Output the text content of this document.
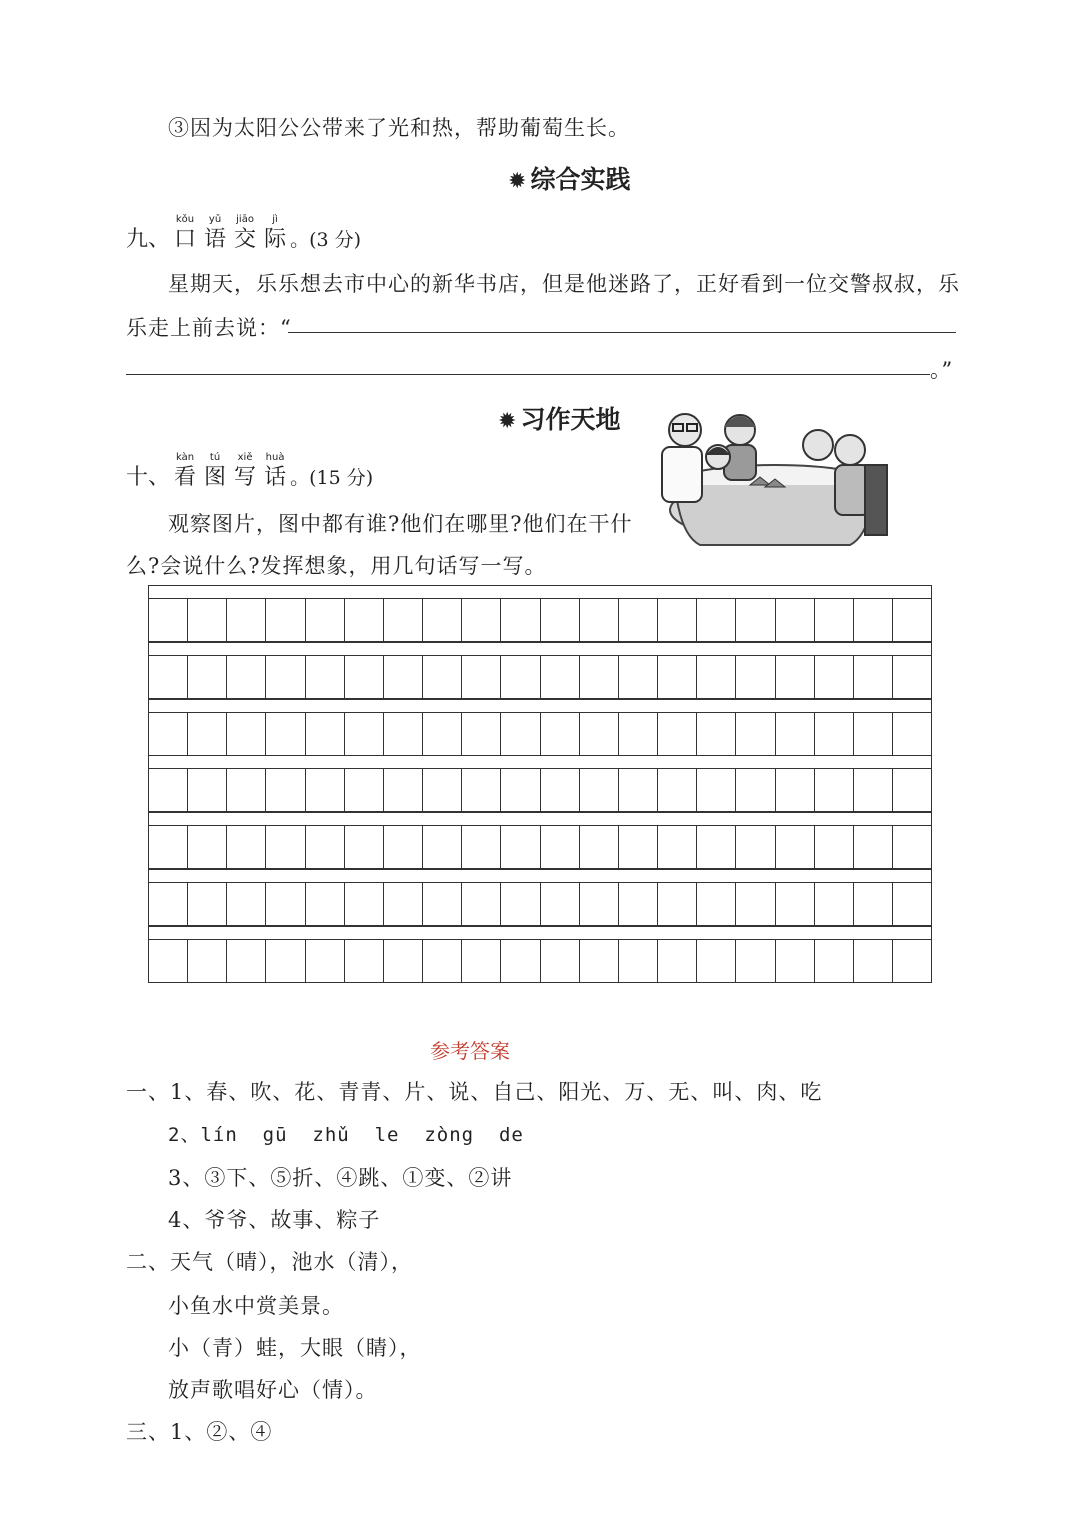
③因为太阳公公带来了光和热，帮助葡萄生长。
✹ 综合实践
九、
kǒu
口
yǔ
语
jiāo
交
jì
际 。(3 分)
星期天，乐乐想去市中心的新华书店，但是他迷路了，正好看到一位交警叔叔，乐
乐走上前去说：“
。”
✹ 习作天地
十、
kàn
看
tú
图
xiě
写
huà
话 。(15 分)
观察图片，图中都有谁?他们在哪里?他们在干什
么?会说什么?发挥想象，用几句话写一写。
参考答案
一、1、春、吹、花、青青、片、说、自己、阳光、万、无、叫、肉、吃
2、lín  gū  zhǔ  le  zòng  de
3、③下、⑤折、④跳、①变、②讲
4、爷爷、故事、粽子
二、天气（晴），池水（清），
小鱼水中赏美景。
小（青）蛙，大眼（睛），
放声歌唱好心（情）。
三、1、②、④
